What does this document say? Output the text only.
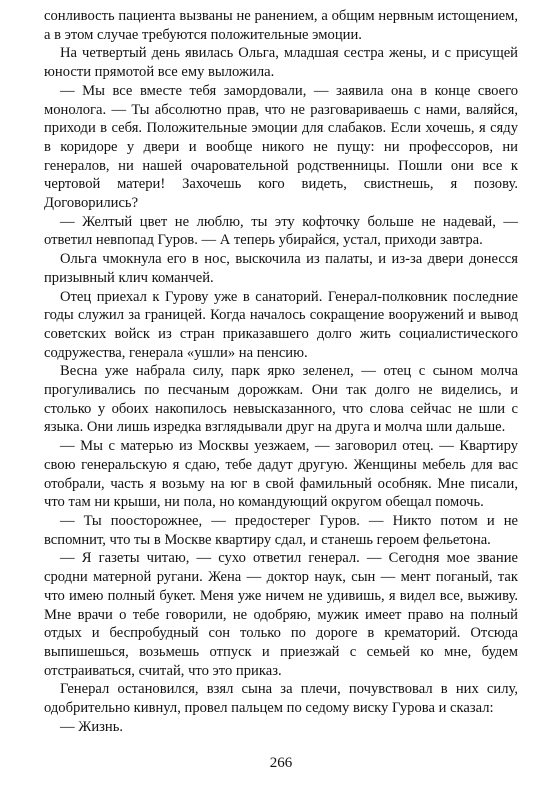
сонливость пациента вызваны не ранением, а общим нервным истощением, а в этом случае требуются положительные эмоции.

На четвертый день явилась Ольга, младшая сестра жены, и с присущей юности прямотой все ему выложила.

— Мы все вместе тебя замордовали, — заявила она в конце своего монолога. — Ты абсолютно прав, что не разговариваешь с нами, валяйся, приходи в себя. Положительные эмоции для слабаков. Если хочешь, я сяду в коридоре у двери и вообще никого не пущу: ни профессоров, ни генералов, ни нашей очаровательной родственницы. Пошли они все к чертовой матери! Захочешь кого видеть, свистнешь, я позову. Договорились?

— Желтый цвет не люблю, ты эту кофточку больше не надевай, — ответил невпопад Гуров. — А теперь убирайся, устал, приходи завтра.

Ольга чмокнула его в нос, выскочила из палаты, и из-за двери донесся призывный клич команчей.

Отец приехал к Гурову уже в санаторий. Генерал-полковник последние годы служил за границей. Когда началось сокращение вооружений и вывод советских войск из стран приказавшего долго жить социалистического содружества, генерала «ушли» на пенсию.

Весна уже набрала силу, парк ярко зеленел, — отец с сыном молча прогуливались по песчаным дорожкам. Они так долго не виделись, и столько у обоих накопилось невысказанного, что слова сейчас не шли с языка. Они лишь изредка взглядывали друг на друга и молча шли дальше.

— Мы с матерью из Москвы уезжаем, — заговорил отец. — Квартиру свою генеральскую я сдаю, тебе дадут другую. Женщины мебель для вас отобрали, часть я возьму на юг в свой фамильный особняк. Мне писали, что там ни крыши, ни пола, но командующий округом обещал помочь.

— Ты поосторожнее, — предостерег Гуров. — Никто потом и не вспомнит, что ты в Москве квартиру сдал, и станешь героем фельетона.

— Я газеты читаю, — сухо ответил генерал. — Сегодня мое звание сродни матерной ругани. Жена — доктор наук, сын — мент поганый, так что имею полный букет. Меня уже ничем не удивишь, я видел все, выживу. Мне врачи о тебе говорили, не одобряю, мужик имеет право на полный отдых и беспробудный сон только по дороге в крематорий. Отсюда выпишешься, возьмешь отпуск и приезжай с семьей ко мне, будем отстраиваться, считай, что это приказ.

Генерал остановился, взял сына за плечи, почувствовал в них силу, одобрительно кивнул, провел пальцем по седому виску Гурова и сказал:

— Жизнь.

266
